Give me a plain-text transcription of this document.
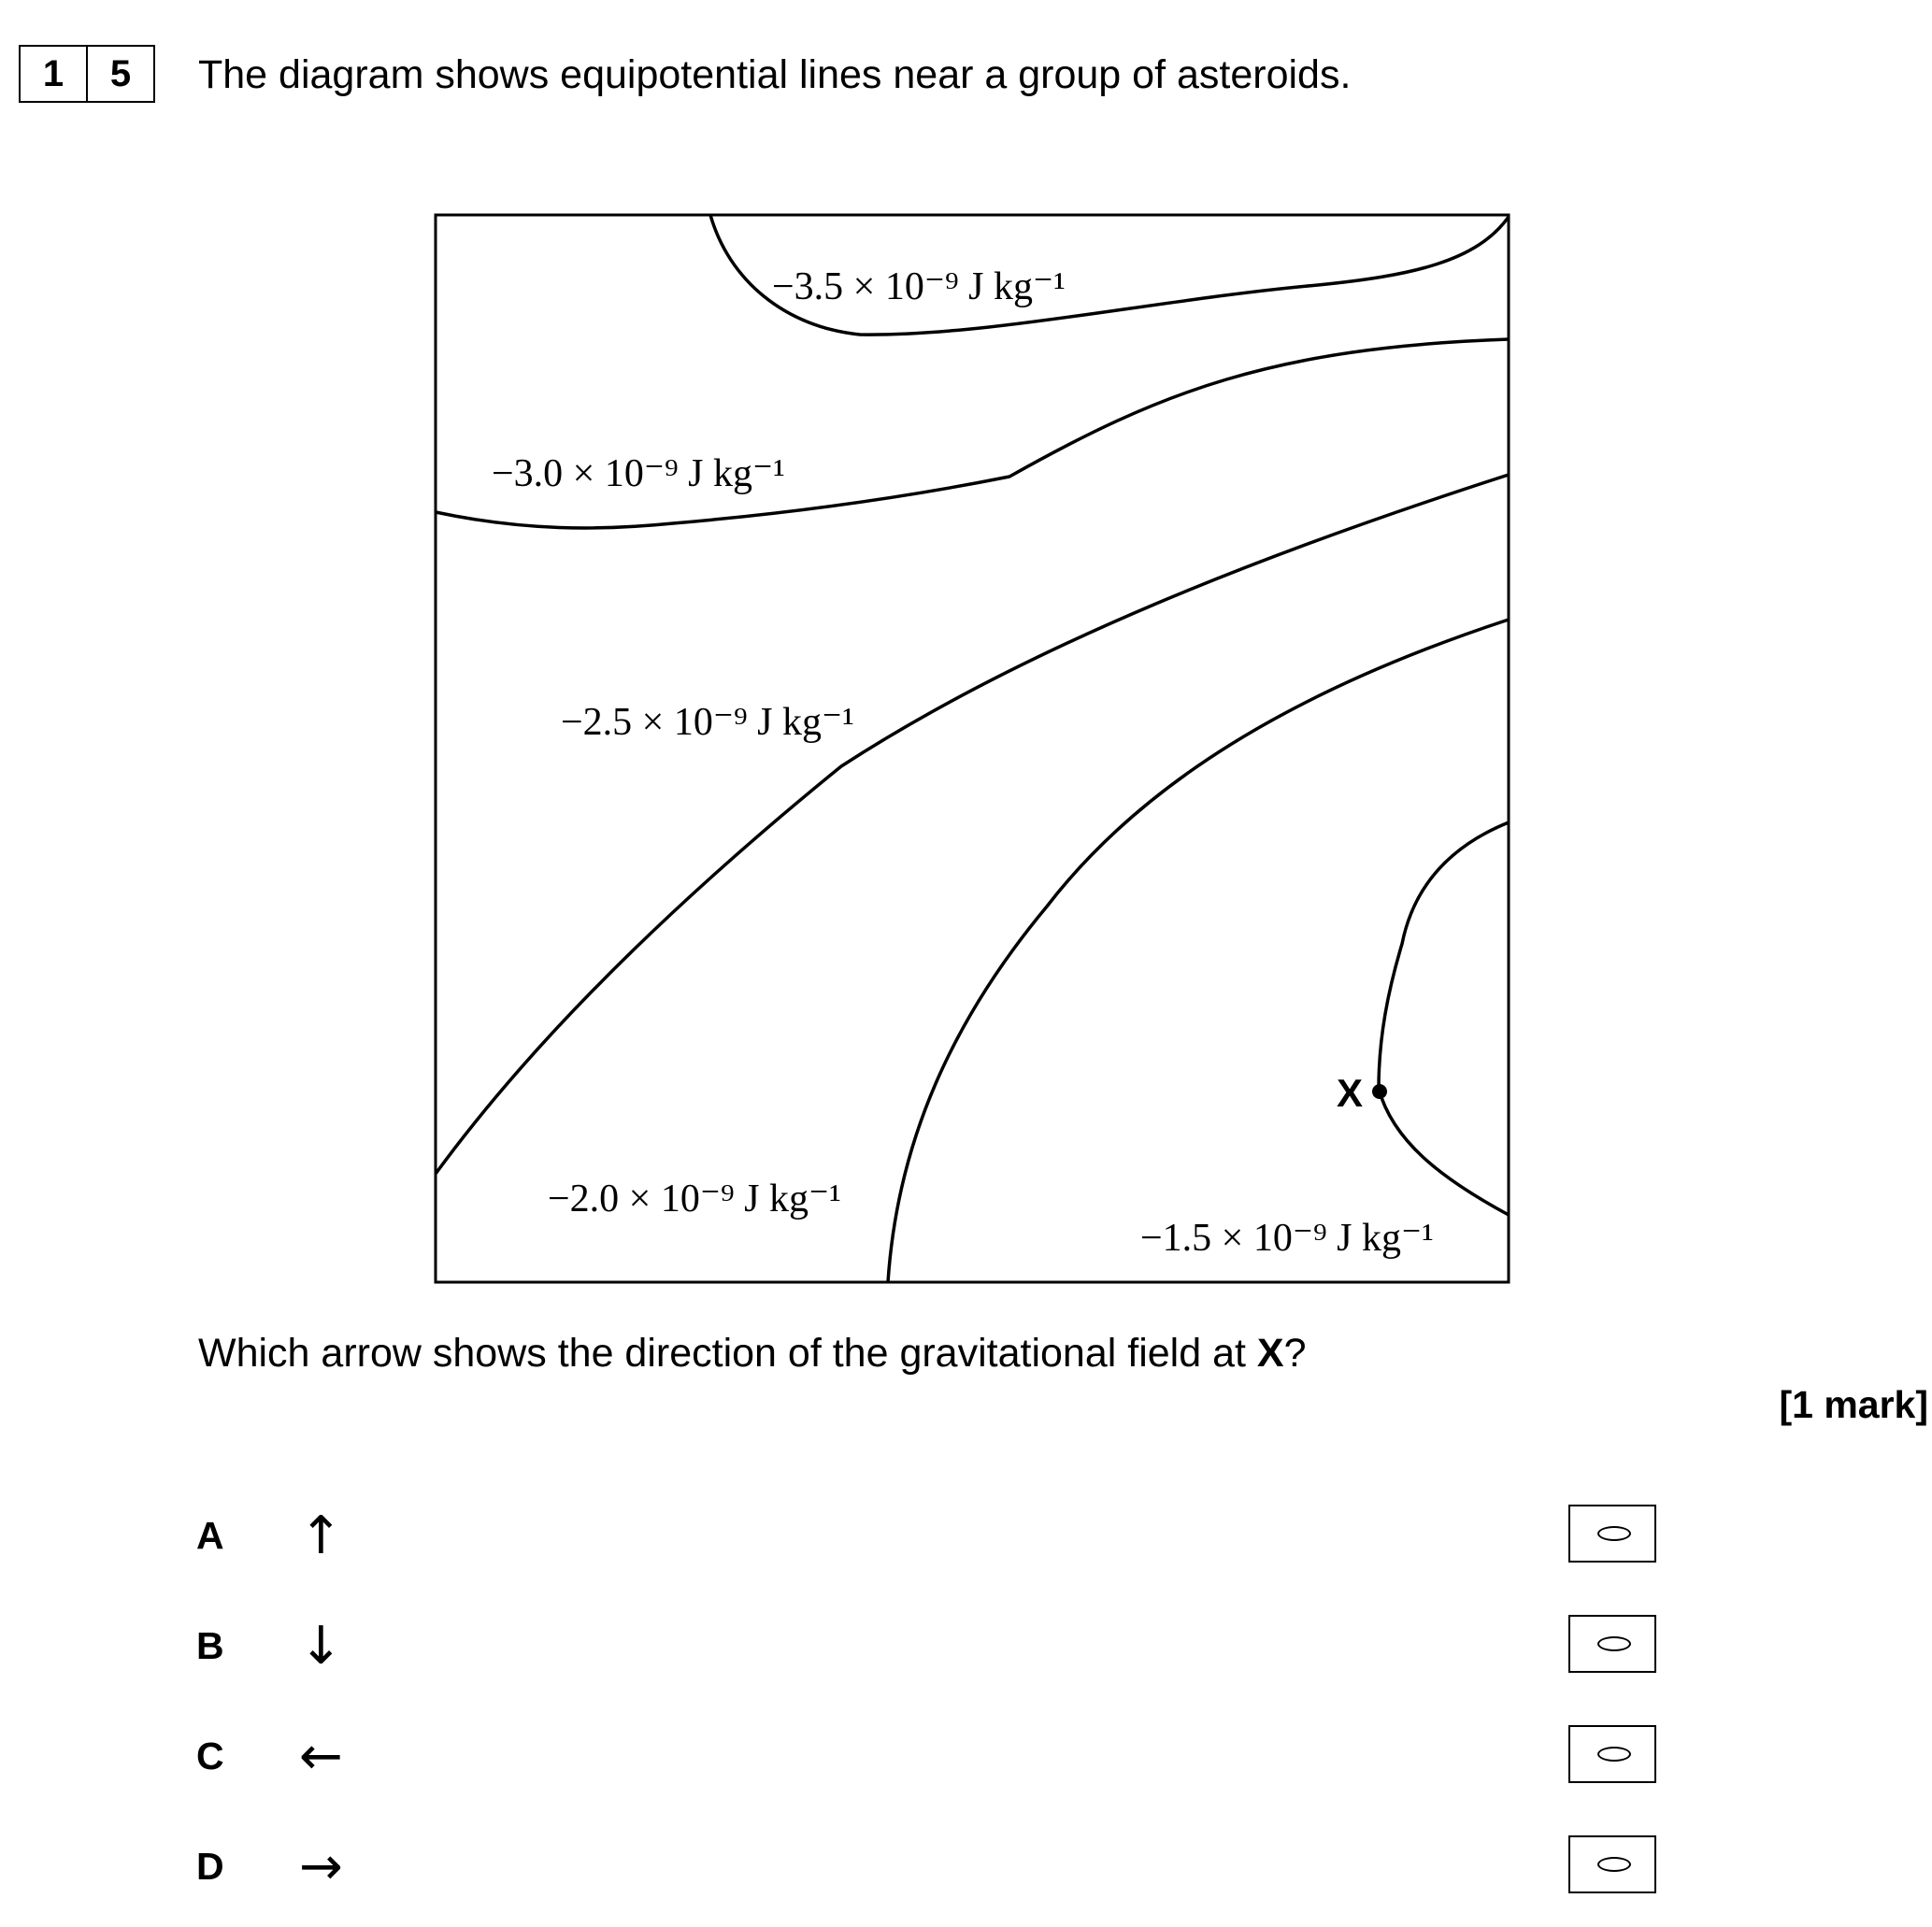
1	5	The diagram shows equipotential lines near a group of asteroids.

X
−3.5 × 10⁻⁹ J kg⁻¹
−3.0 × 10⁻⁹ J kg⁻¹
−2.5 × 10⁻⁹ J kg⁻¹
−2.0 × 10⁻⁹ J kg⁻¹
−1.5 × 10⁻⁹ J kg⁻¹
Which arrow shows the direction of the gravitational field at X?
[1 mark]
A ↑
B ↓
C ←
D →
